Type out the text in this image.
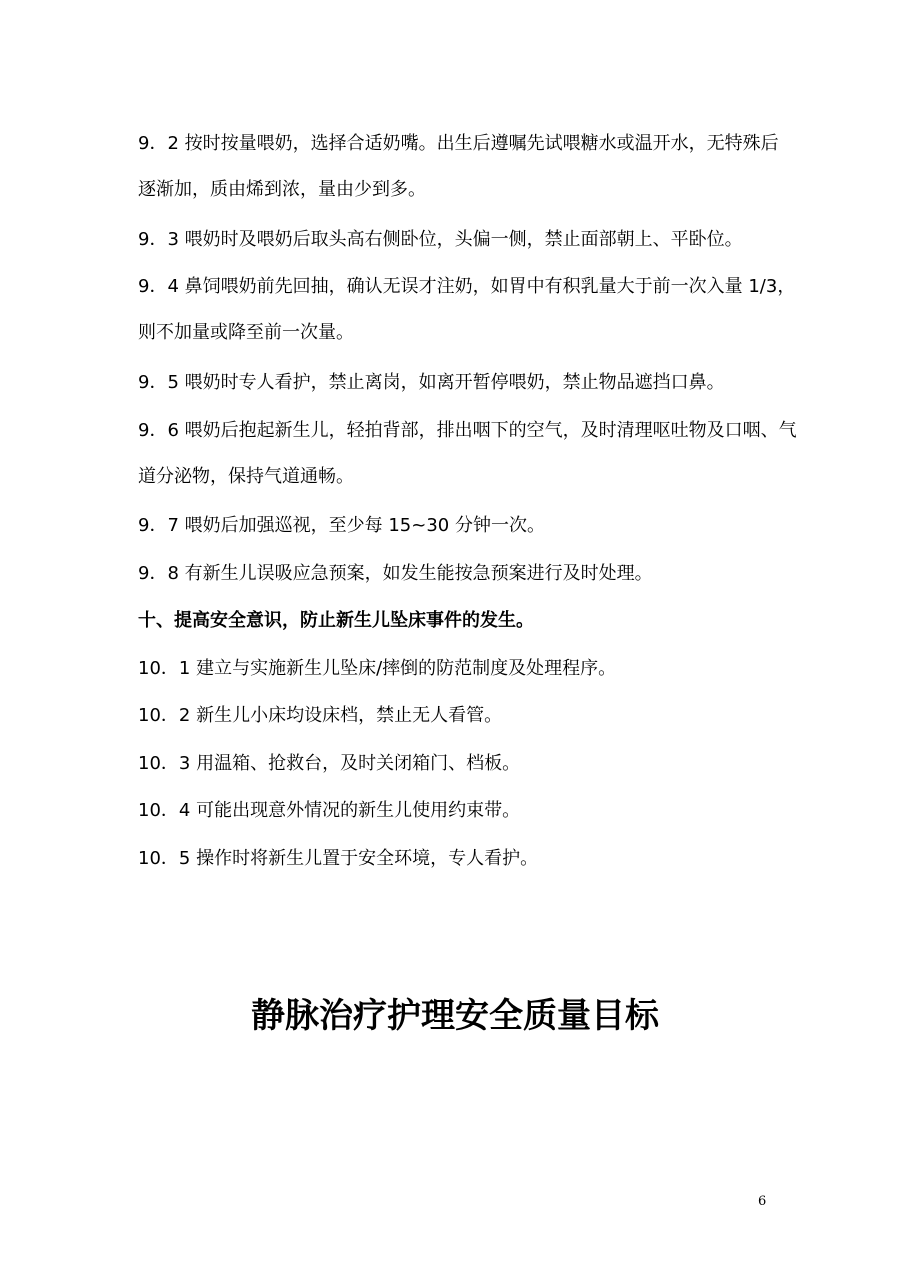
9．2 按时按量喂奶，选择合适奶嘴。出生后遵嘱先试喂糖水或温开水，无特殊后
逐渐加，质由烯到浓，量由少到多。
9．3 喂奶时及喂奶后取头高右侧卧位，头偏一侧，禁止面部朝上、平卧位。
9．4 鼻饲喂奶前先回抽，确认无误才注奶，如胃中有积乳量大于前一次入量 1/3，
则不加量或降至前一次量。
9．5 喂奶时专人看护，禁止离岗，如离开暂停喂奶，禁止物品遮挡口鼻。
9．6 喂奶后抱起新生儿，轻拍背部，排出咽下的空气，及时清理呕吐物及口咽、气
道分泌物，保持气道通畅。
9．7 喂奶后加强巡视，至少每 15~30 分钟一次。
9．8 有新生儿误吸应急预案，如发生能按急预案进行及时处理。
十、提高安全意识，防止新生儿坠床事件的发生。
10．1 建立与实施新生儿坠床/摔倒的防范制度及处理程序。
10．2 新生儿小床均设床档，禁止无人看管。
10．3 用温箱、抢救台，及时关闭箱门、档板。
10．4 可能出现意外情况的新生儿使用约束带。
10．5 操作时将新生儿置于安全环境，专人看护。
静脉治疗护理安全质量目标
6
